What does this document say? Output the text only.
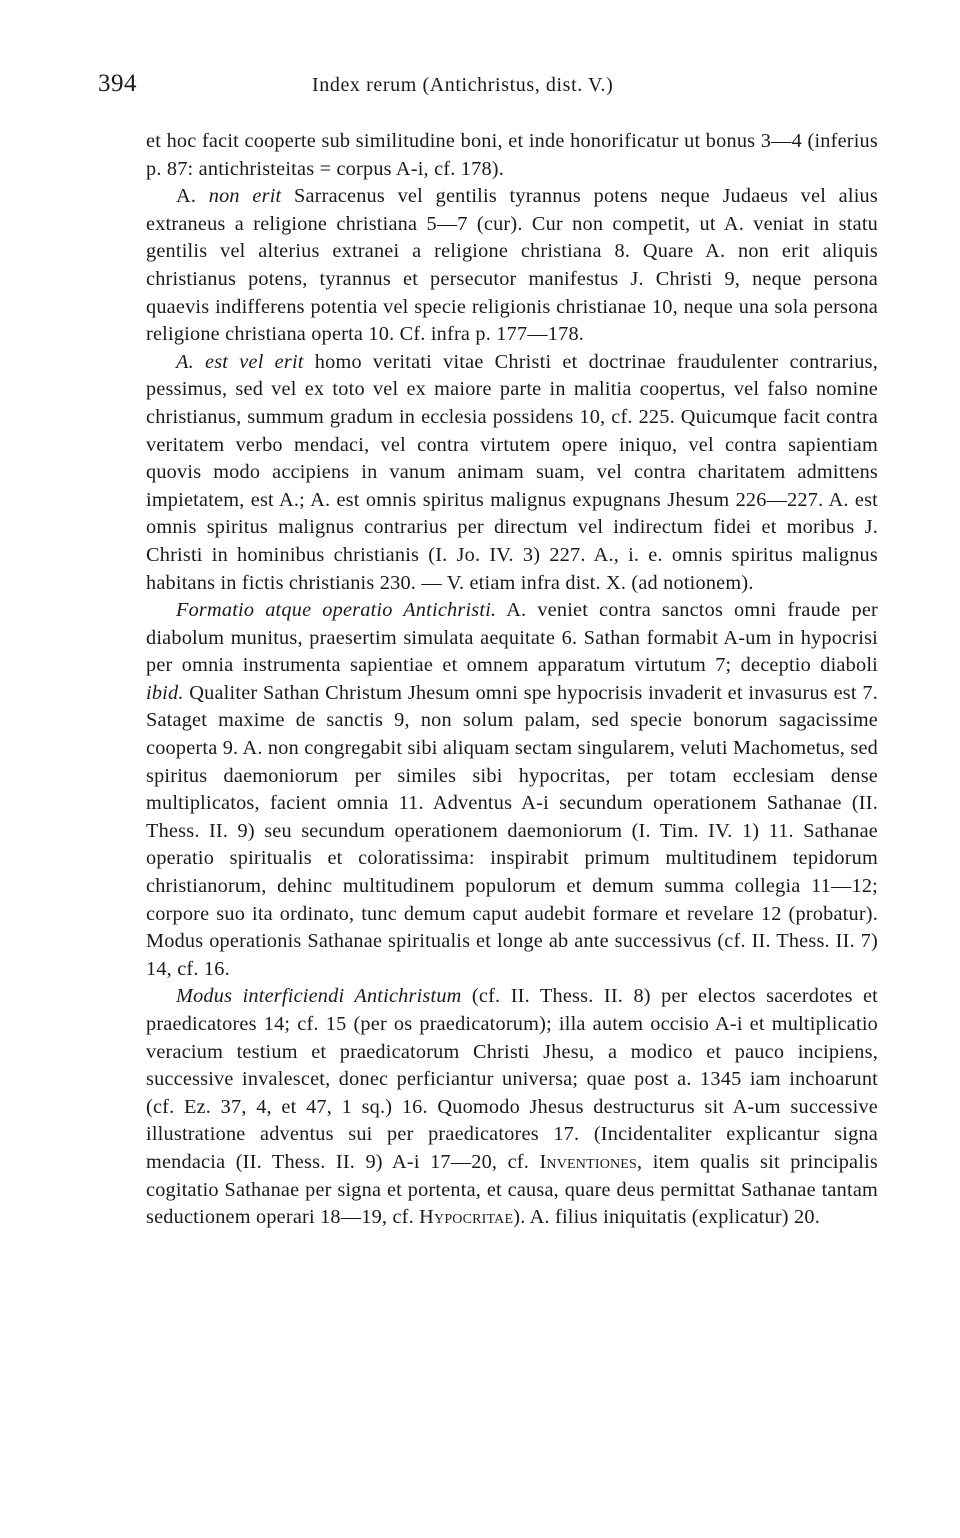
394	Index rerum (Antichristus, dist. V.)

et hoc facit cooperte sub similitudine boni, et inde honorificatur ut bonus 3—4 (inferius p. 87: antichristeitas = corpus A-i, cf. 178).

A. non erit Sarracenus vel gentilis tyrannus potens neque Judaeus vel alius extraneus a religione christiana 5—7 (cur). Cur non competit, ut A. veniat in statu gentilis vel alterius extranei a religione christiana 8. Quare A. non erit aliquis christianus potens, tyrannus et persecutor manifestus J. Christi 9, neque persona quaevis indifferens potentia vel specie religionis christianae 10, neque una sola persona religione christiana operta 10. Cf. infra p. 177—178.

A. est vel erit homo veritati vitae Christi et doctrinae fraudulenter contrarius, pessimus, sed vel ex toto vel ex maiore parte in malitia coopertus, vel falso nomine christianus, summum gradum in ecclesia possidens 10, cf. 225. Quicumque facit contra veritatem verbo mendaci, vel contra virtutem opere iniquo, vel contra sapientiam quovis modo accipiens in vanum animam suam, vel contra charitatem admittens impietatem, est A.; A. est omnis spiritus malignus expugnans Jhesum 226—227. A. est omnis spiritus malignus contrarius per directum vel indirectum fidei et moribus J. Christi in hominibus christianis (I. Jo. IV. 3) 227. A., i. e. omnis spiritus malignus habitans in fictis christianis 230. — V. etiam infra dist. X. (ad notionem).

Formatio atque operatio Antichristi. A. veniet contra sanctos omni fraude per diabolum munitus, praesertim simulata aequitate 6. Sathan formabit A-um in hypocrisi per omnia instrumenta sapientiae et omnem apparatum virtutum 7; deceptio diaboli ibid. Qualiter Sathan Christum Jhesum omni spe hypocrisis invaderit et invasurus est 7. Sataget maxime de sanctis 9, non solum palam, sed specie bonorum sagacissime cooperta 9. A. non congregabit sibi aliquam sectam singularem, veluti Machometus, sed spiritus daemoniorum per similes sibi hypocritas, per totam ecclesiam dense multiplicatos, facient omnia 11. Adventus A-i secundum operationem Sathanae (II. Thess. II. 9) seu secundum operationem daemoniorum (I. Tim. IV. 1) 11. Sathanae operatio spiritualis et coloratissima: inspirabit primum multitudinem tepidorum christianorum, dehinc multitudinem populorum et demum summa collegia 11—12; corpore suo ita ordinato, tunc demum caput audebit formare et revelare 12 (probatur). Modus operationis Sathanae spiritualis et longe ab ante successivus (cf. II. Thess. II. 7) 14, cf. 16.

Modus interficiendi Antichristum (cf. II. Thess. II. 8) per electos sacerdotes et praedicatores 14; cf. 15 (per os praedicatorum); illa autem occisio A-i et multiplicatio veracium testium et praedicatorum Christi Jhesu, a modico et pauco incipiens, successive invalescet, donec perficiantur universa; quae post a. 1345 iam inchoarunt (cf. Ez. 37, 4, et 47, 1 sq.) 16. Quomodo Jhesus destructurus sit A-um successive illustratione adventus sui per praedicatores 17. (Incidentaliter explicantur signa mendacia (II. Thess. II. 9) A-i 17—20, cf. Inventiones, item qualis sit principalis cogitatio Sathanae per signa et portenta, et causa, quare deus permittat Sathanae tantam seductionem operari 18—19, cf. Hypocritae). A. filius iniquitatis (explicatur) 20.
